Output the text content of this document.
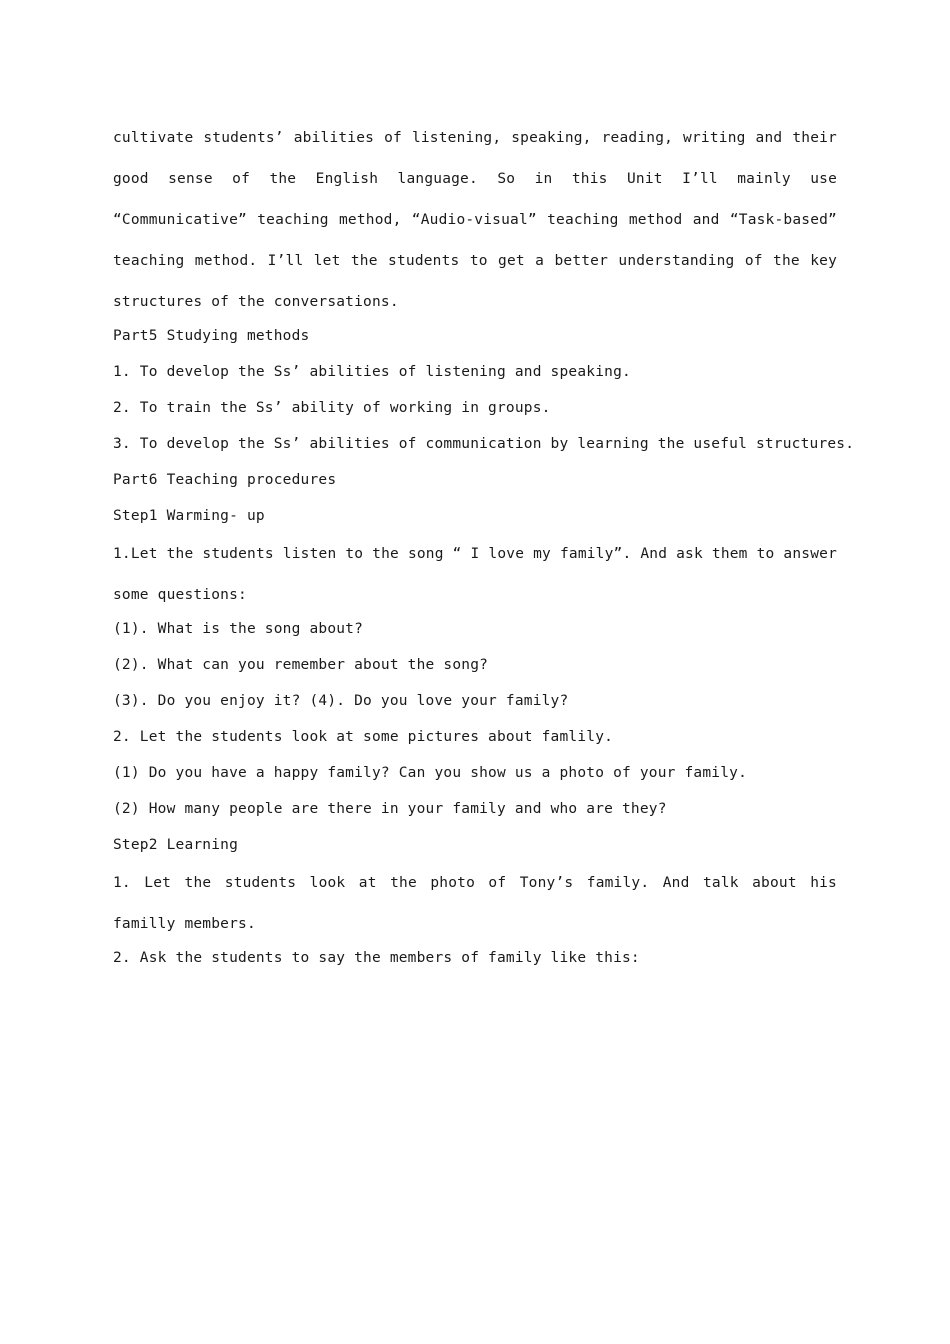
cultivate students’ abilities of listening, speaking, reading, writing and their good sense of the English language. So in this Unit I’ll mainly use “Communicative” teaching method, “Audio-visual” teaching method and “Task-based” teaching method. I’ll let the students to get a better understanding of the key structures of the conversations.

Part5 Studying methods

1. To develop the Ss’ abilities of listening and speaking.

2. To train the Ss’ ability of working in groups.

3. To develop the Ss’ abilities of communication by learning the useful structures.

Part6 Teaching procedures

Step1 Warming- up

1.Let the students listen to the song “ I love my family”. And ask them to answer some questions:

(1). What is the song about?

(2). What can you remember about the song?

(3). Do you enjoy it? (4). Do you love your family?

2. Let the students look at some pictures about famlily.

(1) Do you have a happy family? Can you show us a photo of your family.

(2) How many people are there in your family and who are they?

Step2 Learning

1. Let the students look at the photo of Tony’s family. And talk about his familly members.

2. Ask the students to say the members of family like this:
